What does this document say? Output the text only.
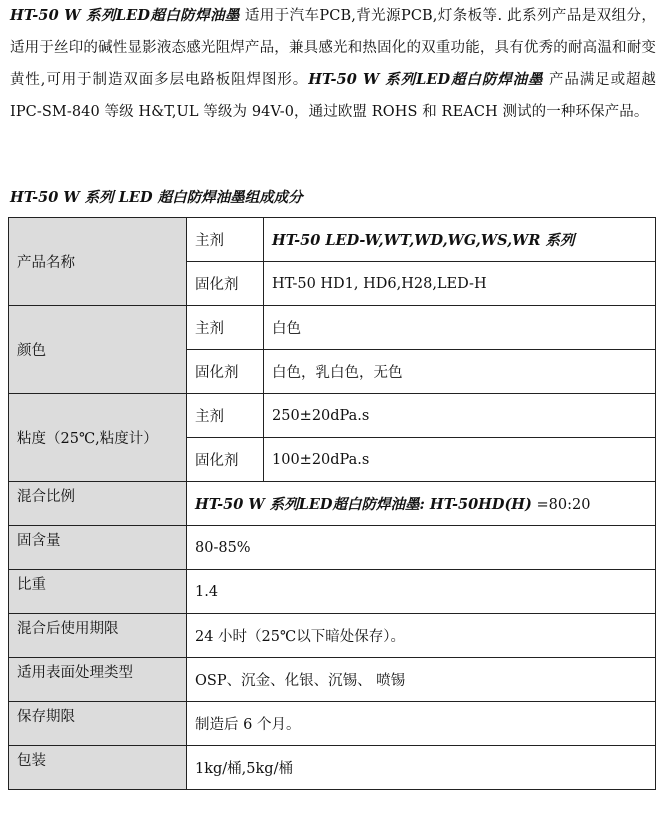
HT-50 W 系列LED超白防焊油墨 适用于汽车PCB,背光源PCB,灯条板等. 此系列产品是双组分，适用于丝印的碱性显影液态感光阻焊产品，兼具感光和热固化的双重功能，具有优秀的耐高温和耐变黄性,可用于制造双面多层电路板阻焊图形。HT-50 W 系列LED超白防焊油墨 产品满足或超越 IPC-SM-840 等级 H&T,UL 等级为 94V-0，通过欧盟 ROHS 和 REACH 测试的一种环保产品。
HT-50 W 系列 LED 超白防焊油墨组成成分
产品名称	主剂	HT-50 LED-W,WT,WD,WG,WS,WR 系列
	固化剂	HT-50 HD1, HD6,H28,LED-H
颜色	主剂	白色
	固化剂	白色，乳白色，无色
粘度（25℃,粘度计）	主剂	250±20dPa.s
	固化剂	100±20dPa.s
混合比例	HT-50 W 系列LED超白防焊油墨: HT-50HD(H) =80:20	
固含量	80-85%	
比重	1.4	
混合后使用期限	24 小时（25℃以下暗处保存）。	
适用表面处理类型	OSP、沉金、化银、沉锡、 喷锡	
保存期限	制造后 6 个月。	
包装	1kg/桶,5kg/桶	
